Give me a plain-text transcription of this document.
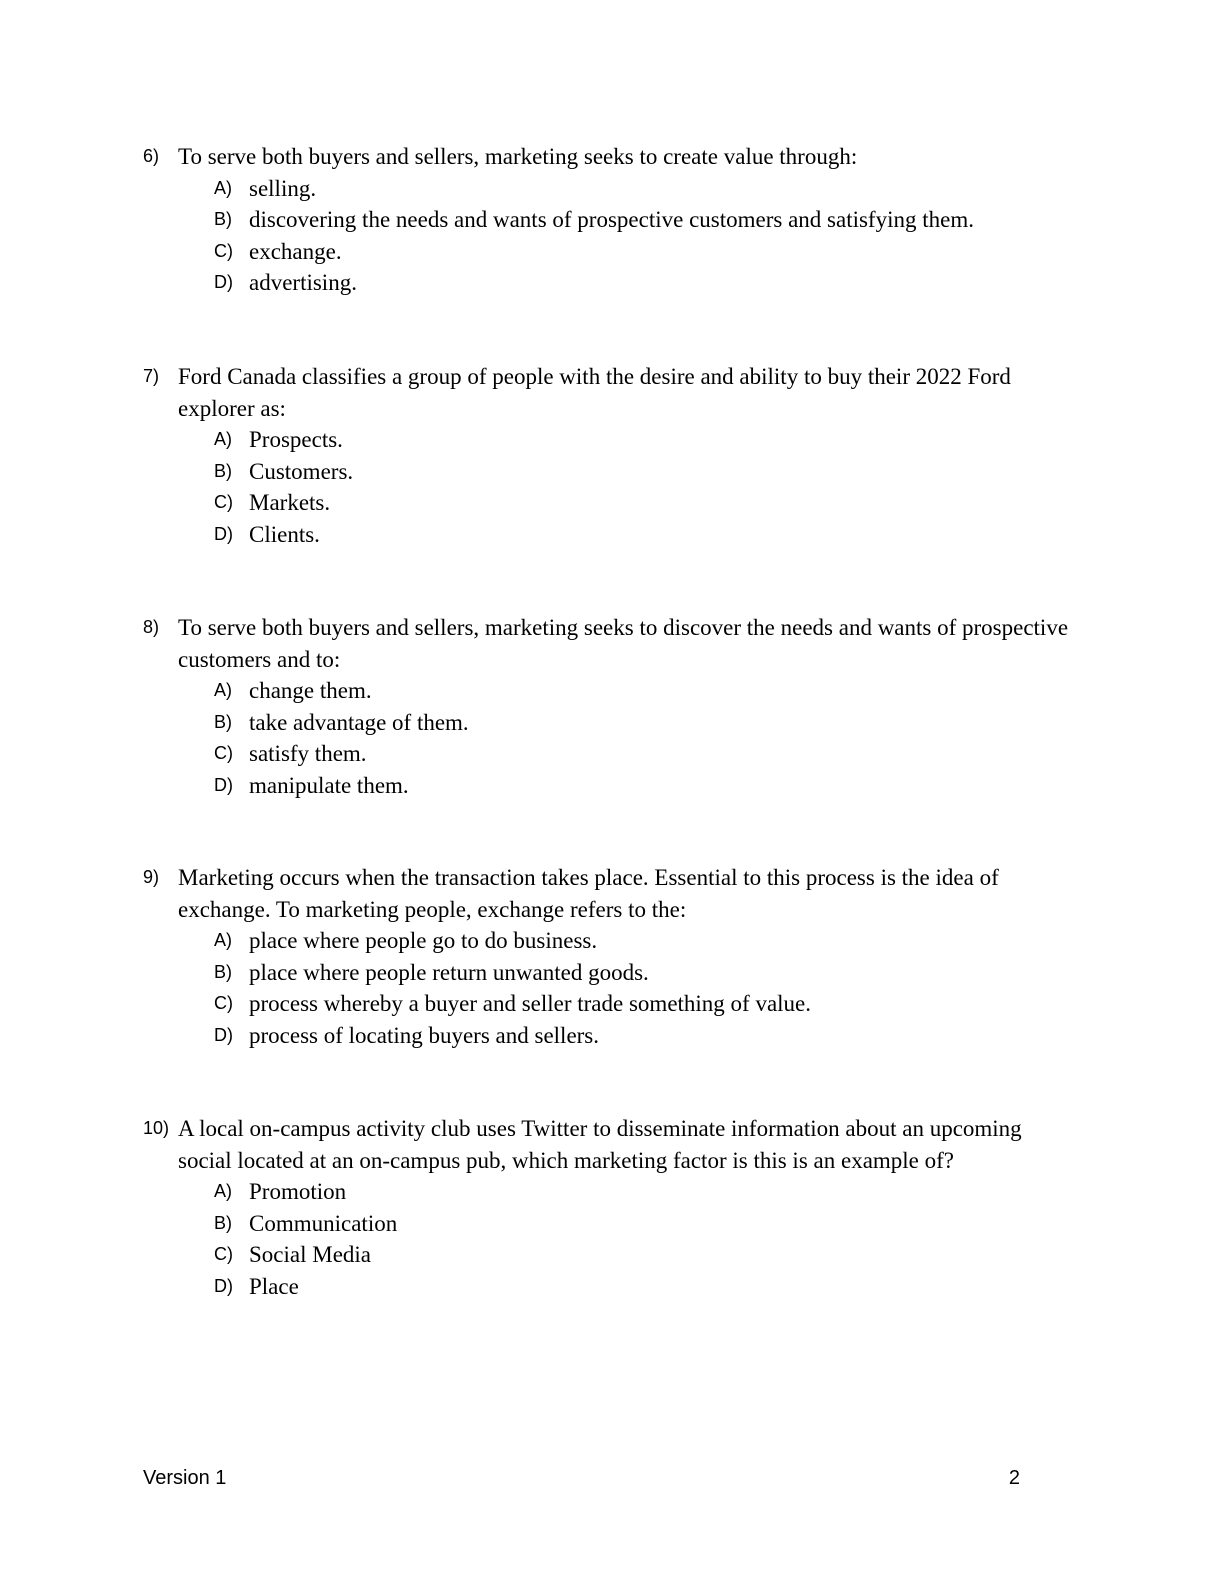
6) To serve both buyers and sellers, marketing seeks to create value through:
A) selling.
B) discovering the needs and wants of prospective customers and satisfying them.
C) exchange.
D) advertising.
7) Ford Canada classifies a group of people with the desire and ability to buy their 2022 Ford explorer as:
A) Prospects.
B) Customers.
C) Markets.
D) Clients.
8) To serve both buyers and sellers, marketing seeks to discover the needs and wants of prospective customers and to:
A) change them.
B) take advantage of them.
C) satisfy them.
D) manipulate them.
9) Marketing occurs when the transaction takes place. Essential to this process is the idea of exchange. To marketing people, exchange refers to the:
A) place where people go to do business.
B) place where people return unwanted goods.
C) process whereby a buyer and seller trade something of value.
D) process of locating buyers and sellers.
10) A local on-campus activity club uses Twitter to disseminate information about an upcoming social located at an on-campus pub, which marketing factor is this is an example of?
A) Promotion
B) Communication
C) Social Media
D) Place
Version 1	2
